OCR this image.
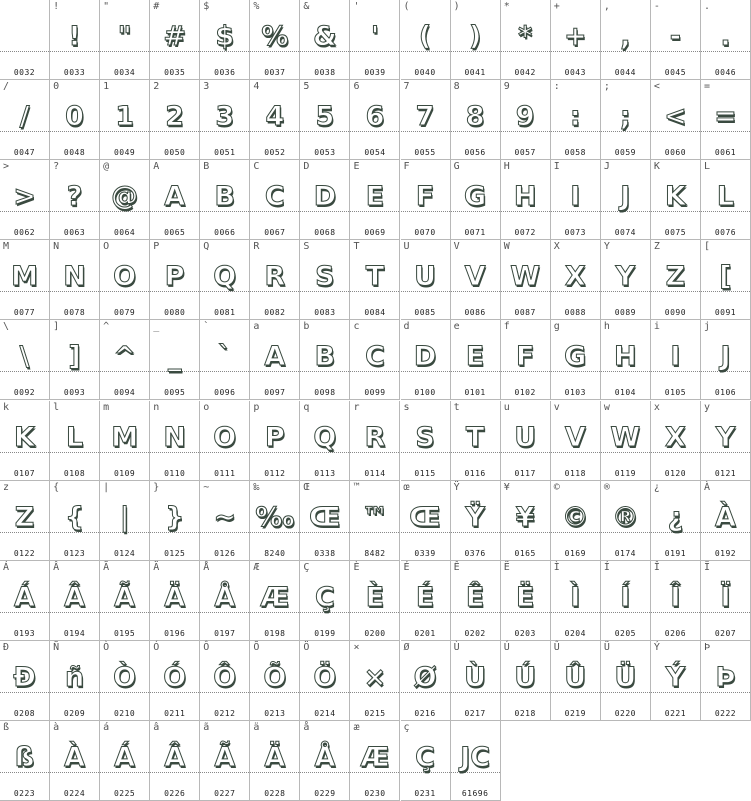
0032
!
!
0033
"
"
0034
#
#
0035
$
$
0036
%
%
0037
&
&
0038
'
'
0039
(
(
0040
)
)
0041
*
*
0042
+
+
0043
,
,
0044
-
-
0045
.
.
0046
/
/
0047
0
0
0048
1
1
0049
2
2
0050
3
3
0051
4
4
0052
5
5
0053
6
6
0054
7
7
0055
8
8
0056
9
9
0057
:
:
0058
;
;
0059
<
<
0060
=
=
0061
>
>
0062
?
?
0063
@
@
0064
A
A
0065
B
B
0066
C
C
0067
D
D
0068
E
E
0069
F
F
0070
G
G
0071
H
H
0072
I
I
0073
J
J
0074
K
K
0075
L
L
0076
M
M
0077
N
N
0078
O
O
0079
P
P
0080
Q
Q
0081
R
R
0082
S
S
0083
T
T
0084
U
U
0085
V
V
0086
W
W
0087
X
X
0088
Y
Y
0089
Z
Z
0090
[
[
0091
\
\
0092
]
]
0093
^
^
0094
_
_
0095
`
`
0096
a
A
0097
b
B
0098
c
C
0099
d
D
0100
e
E
0101
f
F
0102
g
G
0103
h
H
0104
i
I
0105
j
J
0106
k
K
0107
l
L
0108
m
M
0109
n
N
0110
o
O
0111
p
P
0112
q
Q
0113
r
R
0114
s
S
0115
t
T
0116
u
U
0117
v
V
0118
w
W
0119
x
X
0120
y
Y
0121
z
Z
0122
{
{
0123
|
|
0124
}
}
0125
~
~
0126
‰
‰
8240
Œ
Œ
0338
™
™
8482
œ
Œ
0339
Ÿ
Ÿ
0376
¥
¥
0165
©
©
0169
®
®
0174
¿
¿
0191
À
À
0192
Á
Á
0193
Â
Â
0194
Ã
Ã
0195
Ä
Ä
0196
Å
Å
0197
Æ
Æ
0198
Ç
Ç
0199
È
È
0200
É
É
0201
Ê
Ê
0202
Ë
Ë
0203
Ì
Ì
0204
Í
Í
0205
Î
Î
0206
Ï
Ï
0207
Ð
Ð
0208
Ñ
ñ
0209
Ò
Ò
0210
Ó
Ó
0211
Ô
Ô
0212
Õ
Õ
0213
Ö
Ö
0214
×
×
0215
Ø
Ø
0216
Ù
Ù
0217
Ú
Ú
0218
Û
Û
0219
Ü
Ü
0220
Ý
Ý
0221
Þ
Þ
0222
ß
ß
0223
à
À
0224
á
Á
0225
â
Â
0226
ã
Ã
0227
ä
Ä
0228
å
Å
0229
æ
Æ
0230
ç
Ç
0231
JC
61696
